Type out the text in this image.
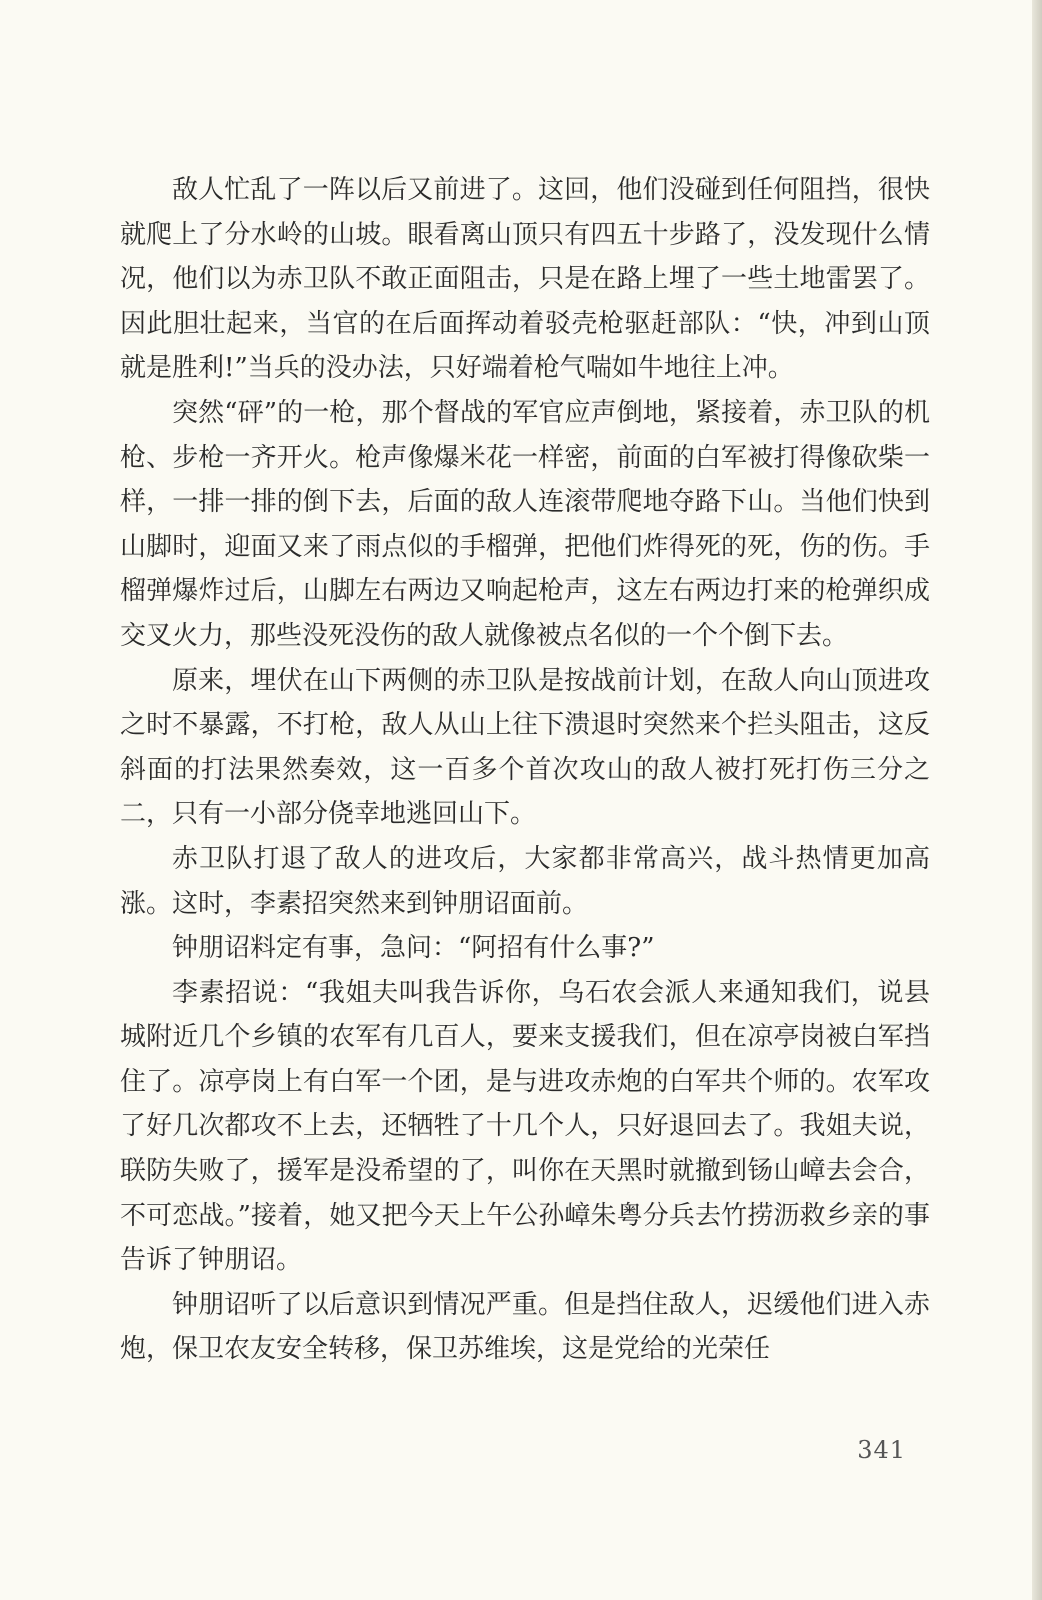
敌人忙乱了一阵以后又前进了。这回，他们没碰到任何阻挡，很快就爬上了分水岭的山坡。眼看离山顶只有四五十步路了，没发现什么情况，他们以为赤卫队不敢正面阻击，只是在路上埋了一些土地雷罢了。因此胆壮起来，当官的在后面挥动着驳壳枪驱赶部队：“快，冲到山顶就是胜利!”当兵的没办法，只好端着枪气喘如牛地往上冲。

突然“砰”的一枪，那个督战的军官应声倒地，紧接着，赤卫队的机枪、步枪一齐开火。枪声像爆米花一样密，前面的白军被打得像砍柴一样，一排一排的倒下去，后面的敌人连滚带爬地夺路下山。当他们快到山脚时，迎面又来了雨点似的手榴弹，把他们炸得死的死，伤的伤。手榴弹爆炸过后，山脚左右两边又响起枪声，这左右两边打来的枪弹织成交叉火力，那些没死没伤的敌人就像被点名似的一个个倒下去。

原来，埋伏在山下两侧的赤卫队是按战前计划，在敌人向山顶进攻之时不暴露，不打枪，敌人从山上往下溃退时突然来个拦头阻击，这反斜面的打法果然奏效，这一百多个首次攻山的敌人被打死打伤三分之二，只有一小部分侥幸地逃回山下。

赤卫队打退了敌人的进攻后，大家都非常高兴，战斗热情更加高涨。这时，李素招突然来到钟朋诏面前。

钟朋诏料定有事，急问：“阿招有什么事?”

李素招说：“我姐夫叫我告诉你，乌石农会派人来通知我们，说县城附近几个乡镇的农军有几百人，要来支援我们，但在凉亭岗被白军挡住了。凉亭岗上有白军一个团，是与进攻赤炮的白军共个师的。农军攻了好几次都攻不上去，还牺牲了十几个人，只好退回去了。我姐夫说，联防失败了，援军是没希望的了，叫你在天黑时就撤到钖山嶂去会合，不可恋战。”接着，她又把今天上午公孙嶂朱粤分兵去竹捞沥救乡亲的事告诉了钟朋诏。

钟朋诏听了以后意识到情况严重。但是挡住敌人，迟缓他们进入赤炮，保卫农友安全转移，保卫苏维埃，这是党给的光荣任

341
